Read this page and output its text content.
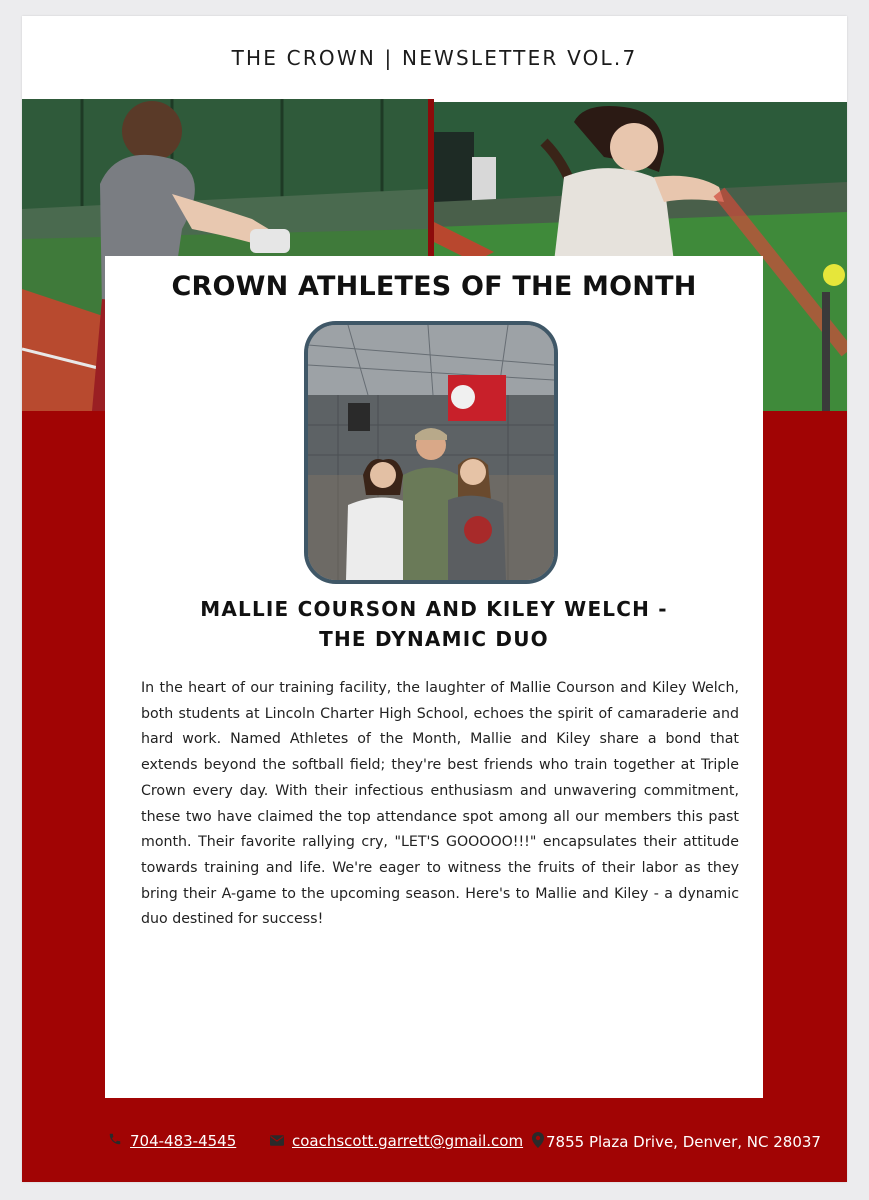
THE CROWN | NEWSLETTER VOL.7
CROWN ATHLETES OF THE MONTH
MALLIE COURSON AND KILEY WELCH -
THE DYNAMIC DUO
In the heart of our training facility, the laughter of Mallie Courson and Kiley Welch, both students at Lincoln Charter High School, echoes the spirit of camaraderie and hard work. Named Athletes of the Month, Mallie and Kiley share a bond that extends beyond the softball field; they're best friends who train together at Triple Crown every day. With their infectious enthusiasm and unwavering commitment, these two have claimed the top attendance spot among all our members this past month. Their favorite rallying cry, "LET'S GOOOOO!!!" encapsulates their attitude towards training and life. We're eager to witness the fruits of their labor as they bring their A-game to the upcoming season. Here's to Mallie and Kiley - a dynamic duo destined for success!
704-483-4545	coachscott.garrett@gmail.com 7855 Plaza Drive, Denver, NC 28037
